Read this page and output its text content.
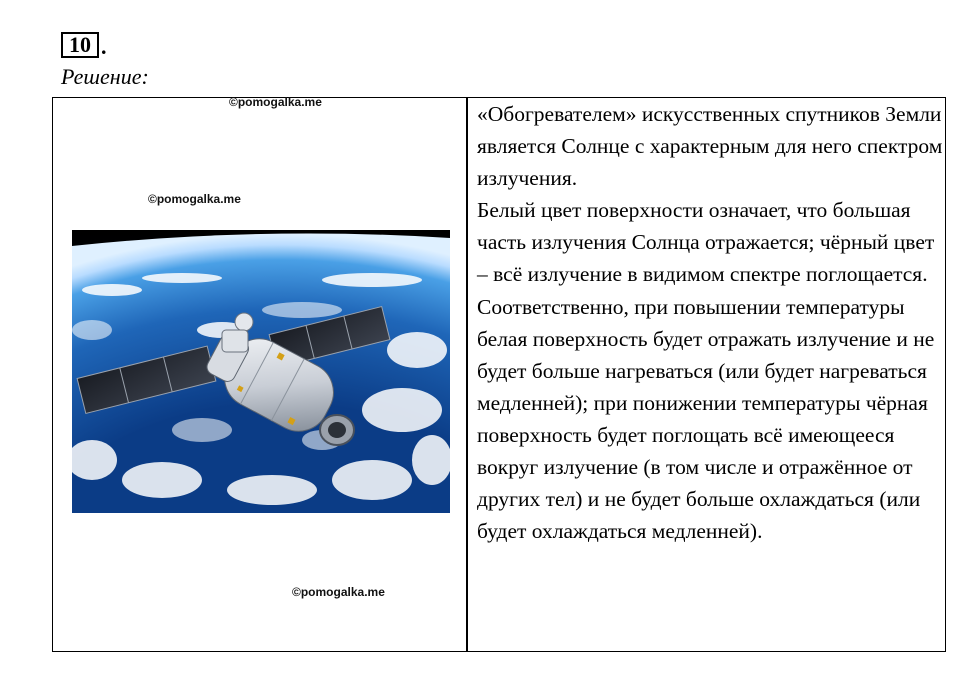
10 .
Решение:
©pomogalka.me
©pomogalka.me
©pomogalka.me

«Обогревателем» искусственных спутников Земли является Солнце с характерным для него спектром излучения.

Белый цвет поверхности означает, что большая часть излучения Солнца отражается; чёрный цвет – всё излучение в видимом спектре поглощается.

Соответственно, при повышении температуры белая поверхность будет отражать излучение и не будет больше нагреваться (или будет нагреваться медленней); при понижении температуры чёрная поверхность будет поглощать всё имеющееся вокруг излучение (в том числе и отражённое от других тел) и не будет больше охлаждаться (или будет охлаждаться медленней).
